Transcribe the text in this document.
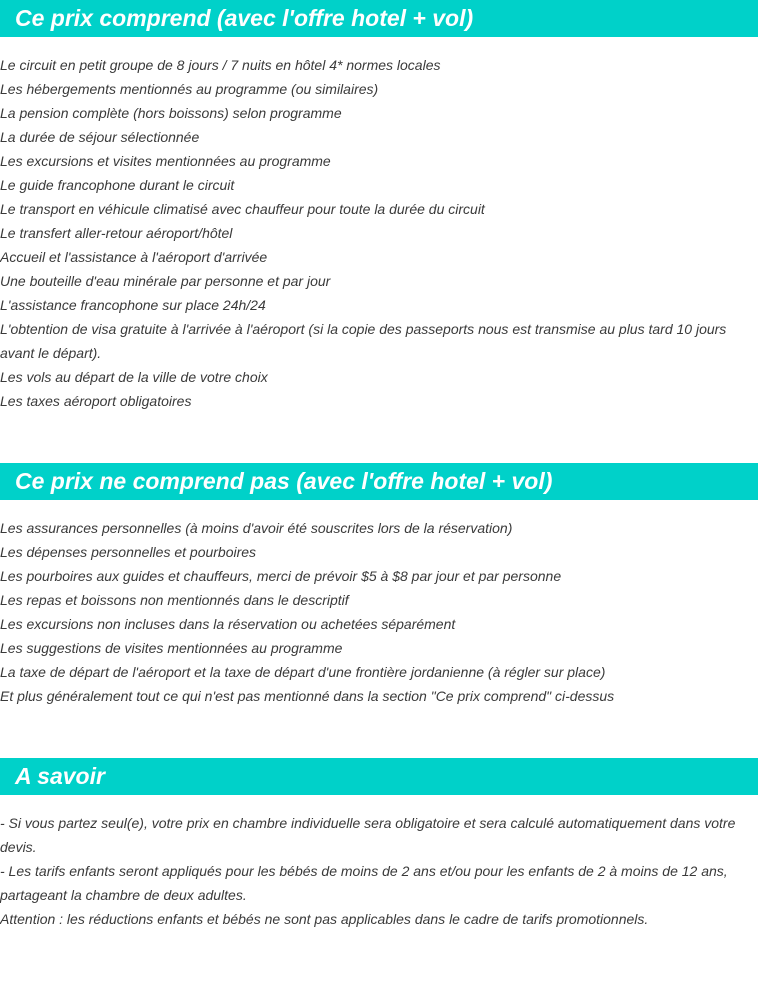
Ce prix comprend (avec l'offre hotel + vol)
Le circuit en petit groupe de 8 jours / 7 nuits en hôtel 4* normes locales
Les hébergements mentionnés au programme (ou similaires)
La pension complète (hors boissons) selon programme
La durée de séjour sélectionnée
Les excursions et visites mentionnées au programme
Le guide francophone durant le circuit
Le transport en véhicule climatisé avec chauffeur pour toute la durée du circuit
Le transfert aller-retour aéroport/hôtel
Accueil et l'assistance à l'aéroport d'arrivée
Une bouteille d'eau minérale par personne et par jour
L'assistance francophone sur place 24h/24
L'obtention de visa gratuite à l'arrivée à l'aéroport (si la copie des passeports nous est transmise au plus tard 10 jours avant le départ).
Les vols au départ de la ville de votre choix
Les taxes aéroport obligatoires
Ce prix ne comprend pas (avec l'offre hotel + vol)
Les assurances personnelles (à moins d'avoir été souscrites lors de la réservation)
Les dépenses personnelles et pourboires
Les pourboires aux guides et chauffeurs, merci de prévoir $5 à $8 par jour et par personne
Les repas et boissons non mentionnés dans le descriptif
Les excursions non incluses dans la réservation ou achetées séparément
Les suggestions de visites mentionnées au programme
La taxe de départ de l'aéroport et la taxe de départ d'une frontière jordanienne (à régler sur place)
Et plus généralement tout ce qui n'est pas mentionné dans la section "Ce prix comprend" ci-dessus
A savoir

- Si vous partez seul(e), votre prix en chambre individuelle sera obligatoire et sera calculé automatiquement dans votre devis.

- Les tarifs enfants seront appliqués pour les bébés de moins de 2 ans et/ou pour les enfants de 2 à moins de 12 ans, partageant la chambre de deux adultes.

Attention : les réductions enfants et bébés ne sont pas applicables dans le cadre de tarifs promotionnels.
